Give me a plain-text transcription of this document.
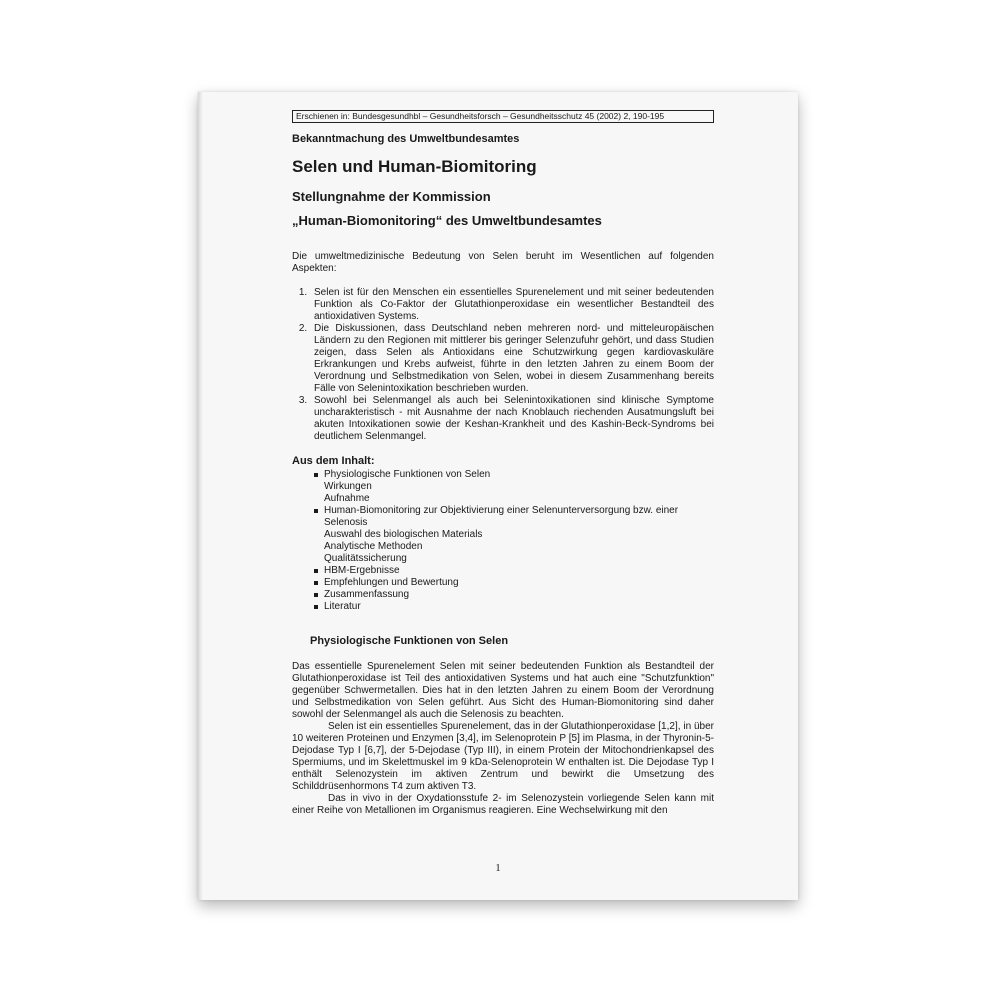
Erschienen in: Bundesgesundhbl – Gesundheitsforsch – Gesundheitsschutz 45 (2002) 2, 190-195
Bekanntmachung des Umweltbundesamtes
Selen und Human-Biomitoring
Stellungnahme der Kommission
„Human-Biomonitoring“ des Umweltbundesamtes
Die umweltmedizinische Bedeutung von Selen beruht im Wesentlichen auf folgenden Aspekten:
1. Selen ist für den Menschen ein essentielles Spurenelement und mit seiner bedeutenden Funktion als Co-Faktor der Glutathionperoxidase ein wesentlicher Bestandteil des antioxidativen Systems.
2. Die Diskussionen, dass Deutschland neben mehreren nord- und mitteleuropäischen Ländern zu den Regionen mit mittlerer bis geringer Selenzufuhr gehört, und dass Studien zeigen, dass Selen als Antioxidans eine Schutzwirkung gegen kardiovaskuläre Erkrankungen und Krebs aufweist, führte in den letzten Jahren zu einem Boom der Verordnung und Selbstmedikation von Selen, wobei in diesem Zusammenhang bereits Fälle von Selenintoxikation beschrieben wurden.
3. Sowohl bei Selenmangel als auch bei Selenintoxikationen sind klinische Symptome uncharakteristisch - mit Ausnahme der nach Knoblauch riechenden Ausatmungsluft bei akuten Intoxikationen sowie der Keshan-Krankheit und des Kashin-Beck-Syndroms bei deutlichem Selenmangel.
Aus dem Inhalt:
Physiologische Funktionen von Selen
Wirkungen
Aufnahme
Human-Biomonitoring zur Objektivierung einer Selenunterversorgung bzw. einer Selenosis
Auswahl des biologischen Materials
Analytische Methoden
Qualitätssicherung
HBM-Ergebnisse
Empfehlungen und Bewertung
Zusammenfassung
Literatur
Physiologische Funktionen von Selen
Das essentielle Spurenelement Selen mit seiner bedeutenden Funktion als Bestandteil der Glutathionperoxidase ist Teil des antioxidativen Systems und hat auch eine "Schutzfunktion" gegenüber Schwermetallen. Dies hat in den letzten Jahren zu einem Boom der Verordnung und Selbstmedikation von Selen geführt. Aus Sicht des Human-Biomonitoring sind daher sowohl der Selenmangel als auch die Selenosis zu beachten.
Selen ist ein essentielles Spurenelement, das in der Glutathionperoxidase [1,2], in über 10 weiteren Proteinen und Enzymen [3,4], im Selenoprotein P [5] im Plasma, in der Thyronin-5-Dejodase Typ I [6,7], der 5-Dejodase (Typ III), in einem Protein der Mitochondrienkapsel des Spermiums, und im Skelettmuskel im 9 kDa-Selenoprotein W enthalten ist. Die Dejodase Typ I enthält Selenozystein im aktiven Zentrum und bewirkt die Umsetzung des Schilddrüsenhormons T4 zum aktiven T3.
Das in vivo in der Oxydationsstufe 2- im Selenozystein vorliegende Selen kann mit einer Reihe von Metallionen im Organismus reagieren. Eine Wechselwirkung mit den
1
